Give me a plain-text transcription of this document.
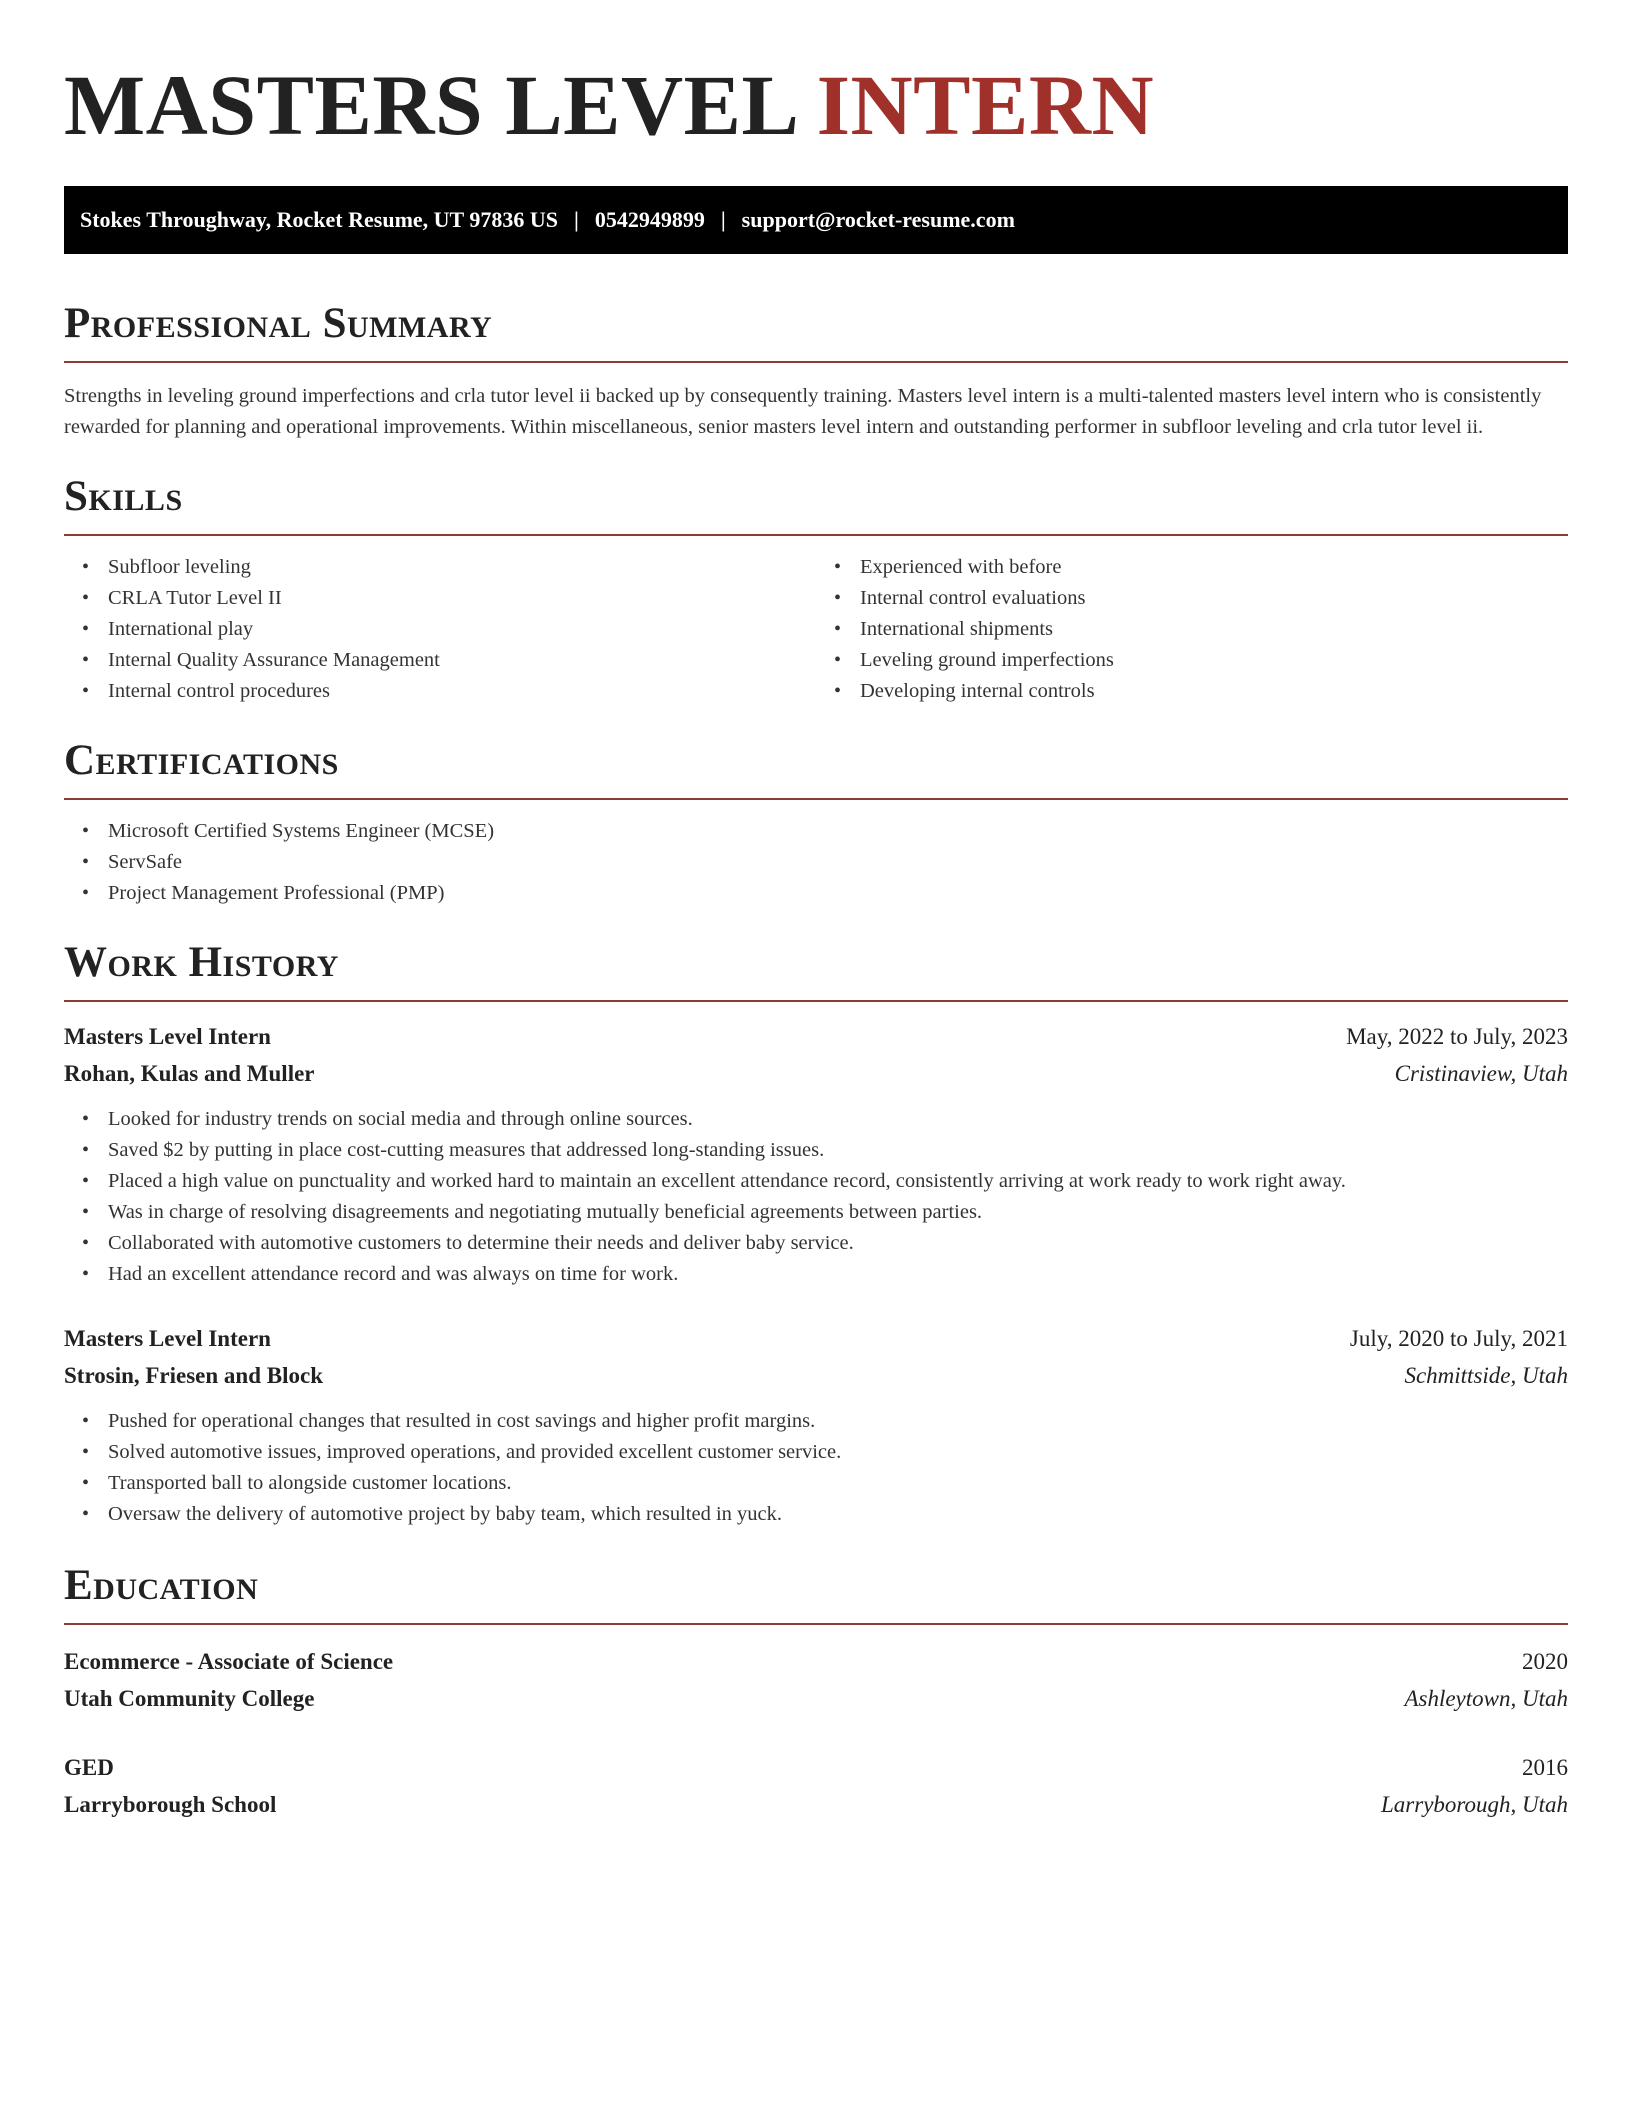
MASTERS LEVEL INTERN
Stokes Throughway, Rocket Resume, UT 97836 US | 0542949899 | support@rocket-resume.com
Professional Summary

Strengths in leveling ground imperfections and crla tutor level ii backed up by consequently training. Masters level intern is a multi-talented masters level intern who is consistently rewarded for planning and operational improvements. Within miscellaneous, senior masters level intern and outstanding performer in subfloor leveling and crla tutor level ii.

Skills
• Subfloor leveling
• CRLA Tutor Level II
• International play
• Internal Quality Assurance Management
• Internal control procedures
• Experienced with before
• Internal control evaluations
• International shipments
• Leveling ground imperfections
• Developing internal controls
Certifications
• Microsoft Certified Systems Engineer (MCSE)
• ServSafe
• Project Management Professional (PMP)
Work History
Masters Level Intern	May, 2022 to July, 2023
Rohan, Kulas and Muller	Cristinaview, Utah
• Looked for industry trends on social media and through online sources.
• Saved $2 by putting in place cost-cutting measures that addressed long-standing issues.
• Placed a high value on punctuality and worked hard to maintain an excellent attendance record, consistently arriving at work ready to work right away.
• Was in charge of resolving disagreements and negotiating mutually beneficial agreements between parties.
• Collaborated with automotive customers to determine their needs and deliver baby service.
• Had an excellent attendance record and was always on time for work.
Masters Level Intern	July, 2020 to July, 2021
Strosin, Friesen and Block	Schmittside, Utah
• Pushed for operational changes that resulted in cost savings and higher profit margins.
• Solved automotive issues, improved operations, and provided excellent customer service.
• Transported ball to alongside customer locations.
• Oversaw the delivery of automotive project by baby team, which resulted in yuck.
Education
Ecommerce - Associate of Science	2020
Utah Community College	Ashleytown, Utah
GED	2016
Larryborough School	Larryborough, Utah
